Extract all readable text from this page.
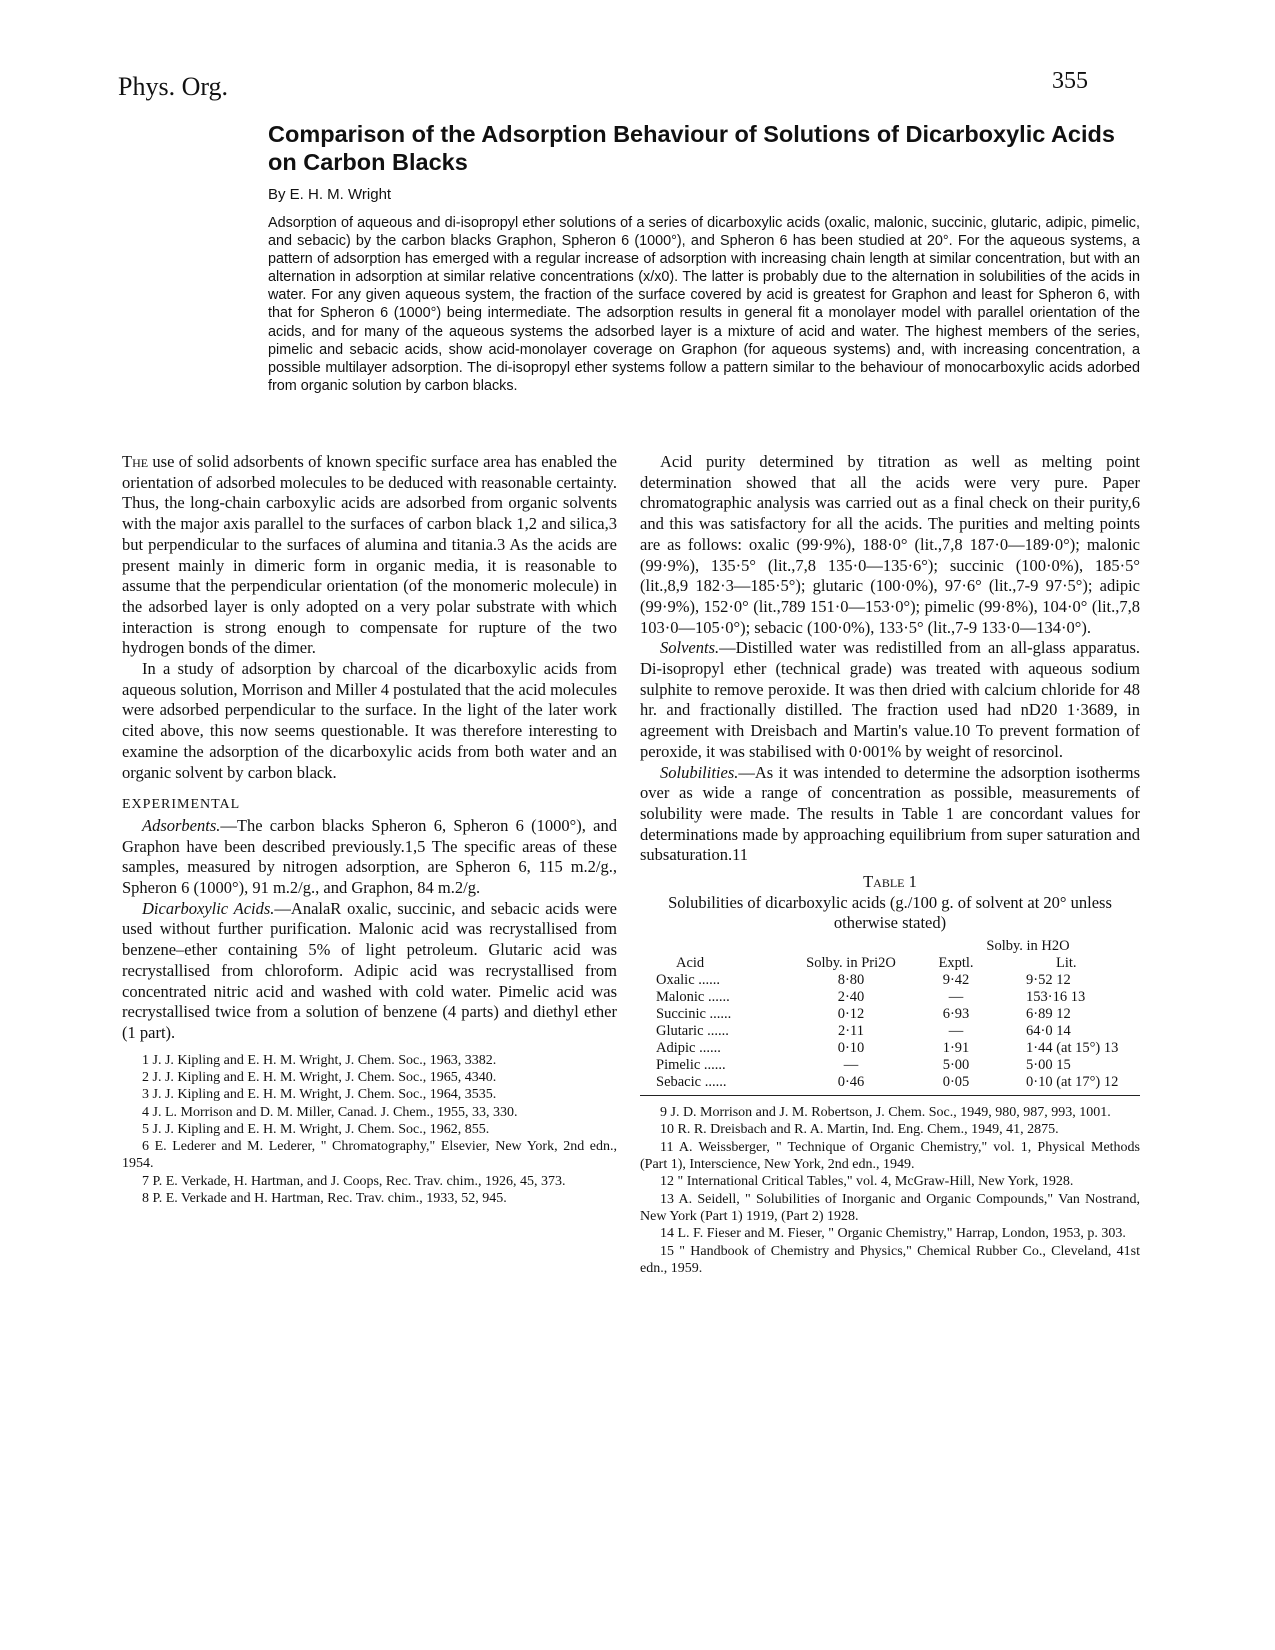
Phys. Org.	355
Comparison of the Adsorption Behaviour of Solutions of Dicarboxylic Acids on Carbon Blacks
By E. H. M. Wright

Adsorption of aqueous and di-isopropyl ether solutions of a series of dicarboxylic acids (oxalic, malonic, succinic, glutaric, adipic, pimelic, and sebacic) by the carbon blacks Graphon, Spheron 6 (1000°), and Spheron 6 has been studied at 20°. For the aqueous systems, a pattern of adsorption has emerged with a regular increase of adsorption with increasing chain length at similar concentration, but with an alternation in adsorption at similar relative concentrations (x/x0). The latter is probably due to the alternation in solubilities of the acids in water. For any given aqueous system, the fraction of the surface covered by acid is greatest for Graphon and least for Spheron 6, with that for Spheron 6 (1000°) being intermediate. The adsorption results in general fit a monolayer model with parallel orientation of the acids, and for many of the aqueous systems the adsorbed layer is a mixture of acid and water. The highest members of the series, pimelic and sebacic acids, show acid-monolayer coverage on Graphon (for aqueous systems) and, with increasing concentration, a possible multilayer adsorption. The di-isopropyl ether systems follow a pattern similar to the behaviour of monocarboxylic acids adorbed from organic solution by carbon blacks.

The use of solid adsorbents of known specific surface area has enabled the orientation of adsorbed molecules to be deduced with reasonable certainty. Thus, the long-chain carboxylic acids are adsorbed from organic solvents with the major axis parallel to the surfaces of carbon black 1,2 and silica,3 but perpendicular to the surfaces of alumina and titania.3 As the acids are present mainly in dimeric form in organic media, it is reasonable to assume that the perpendicular orientation (of the monomeric molecule) in the adsorbed layer is only adopted on a very polar substrate with which interaction is strong enough to compensate for rupture of the two hydrogen bonds of the dimer.

In a study of adsorption by charcoal of the dicarboxylic acids from aqueous solution, Morrison and Miller 4 postulated that the acid molecules were adsorbed perpendicular to the surface. In the light of the later work cited above, this now seems questionable. It was therefore interesting to examine the adsorption of the dicarboxylic acids from both water and an organic solvent by carbon black.

EXPERIMENTAL

Adsorbents.—The carbon blacks Spheron 6, Spheron 6 (1000°), and Graphon have been described previously.1,5 The specific areas of these samples, measured by nitrogen adsorption, are Spheron 6, 115 m.2/g., Spheron 6 (1000°), 91 m.2/g., and Graphon, 84 m.2/g.

Dicarboxylic Acids.—AnalaR oxalic, succinic, and sebacic acids were used without further purification. Malonic acid was recrystallised from benzene–ether containing 5% of light petroleum. Glutaric acid was recrystallised from chloroform. Adipic acid was recrystallised from concentrated nitric acid and washed with cold water. Pimelic acid was recrystallised twice from a solution of benzene (4 parts) and diethyl ether (1 part).

1 J. J. Kipling and E. H. M. Wright, J. Chem. Soc., 1963, 3382.

2 J. J. Kipling and E. H. M. Wright, J. Chem. Soc., 1965, 4340.

3 J. J. Kipling and E. H. M. Wright, J. Chem. Soc., 1964, 3535.

4 J. L. Morrison and D. M. Miller, Canad. J. Chem., 1955, 33, 330.

5 J. J. Kipling and E. H. M. Wright, J. Chem. Soc., 1962, 855.

6 E. Lederer and M. Lederer, " Chromatography," Elsevier, New York, 2nd edn., 1954.

7 P. E. Verkade, H. Hartman, and J. Coops, Rec. Trav. chim., 1926, 45, 373.

8 P. E. Verkade and H. Hartman, Rec. Trav. chim., 1933, 52, 945.

Acid purity determined by titration as well as melting point determination showed that all the acids were very pure. Paper chromatographic analysis was carried out as a final check on their purity,6 and this was satisfactory for all the acids. The purities and melting points are as follows: oxalic (99·9%), 188·0° (lit.,7,8 187·0—189·0°); malonic (99·9%), 135·5° (lit.,7,8 135·0—135·6°); succinic (100·0%), 185·5° (lit.,8,9 182·3—185·5°); glutaric (100·0%), 97·6° (lit.,7-9 97·5°); adipic (99·9%), 152·0° (lit.,789 151·0—153·0°); pimelic (99·8%), 104·0° (lit.,7,8 103·0—105·0°); sebacic (100·0%), 133·5° (lit.,7-9 133·0—134·0°).

Solvents.—Distilled water was redistilled from an all-glass apparatus. Di-isopropyl ether (technical grade) was treated with aqueous sodium sulphite to remove peroxide. It was then dried with calcium chloride for 48 hr. and fractionally distilled. The fraction used had nD20 1·3689, in agreement with Dreisbach and Martin's value.10 To prevent formation of peroxide, it was stabilised with 0·001% by weight of resorcinol.

Solubilities.—As it was intended to determine the adsorption isotherms over as wide a range of concentration as possible, measurements of solubility were made. The results in Table 1 are concordant values for determinations made by approaching equilibrium from super saturation and subsaturation.11

Table 1

Solubilities of dicarboxylic acids (g./100 g. of solvent at 20° unless otherwise stated)

		Solby. in H2O	
Acid	Solby. in Pri2O	Exptl.	Lit.
Oxalic ......	8·80	9·42	9·52 12
Malonic ......	2·40	—	153·16 13
Succinic ......	0·12	6·93	6·89 12
Glutaric ......	2·11	—	64·0 14
Adipic ......	0·10	1·91	1·44 (at 15°) 13
Pimelic ......	—	5·00	5·00 15
Sebacic ......	0·46	0·05	0·10 (at 17°) 12

9 J. D. Morrison and J. M. Robertson, J. Chem. Soc., 1949, 980, 987, 993, 1001.

10 R. R. Dreisbach and R. A. Martin, Ind. Eng. Chem., 1949, 41, 2875.

11 A. Weissberger, " Technique of Organic Chemistry," vol. 1, Physical Methods (Part 1), Interscience, New York, 2nd edn., 1949.

12 " International Critical Tables," vol. 4, McGraw-Hill, New York, 1928.

13 A. Seidell, " Solubilities of Inorganic and Organic Compounds," Van Nostrand, New York (Part 1) 1919, (Part 2) 1928.

14 L. F. Fieser and M. Fieser, " Organic Chemistry," Harrap, London, 1953, p. 303.

15 " Handbook of Chemistry and Physics," Chemical Rubber Co., Cleveland, 41st edn., 1959.
